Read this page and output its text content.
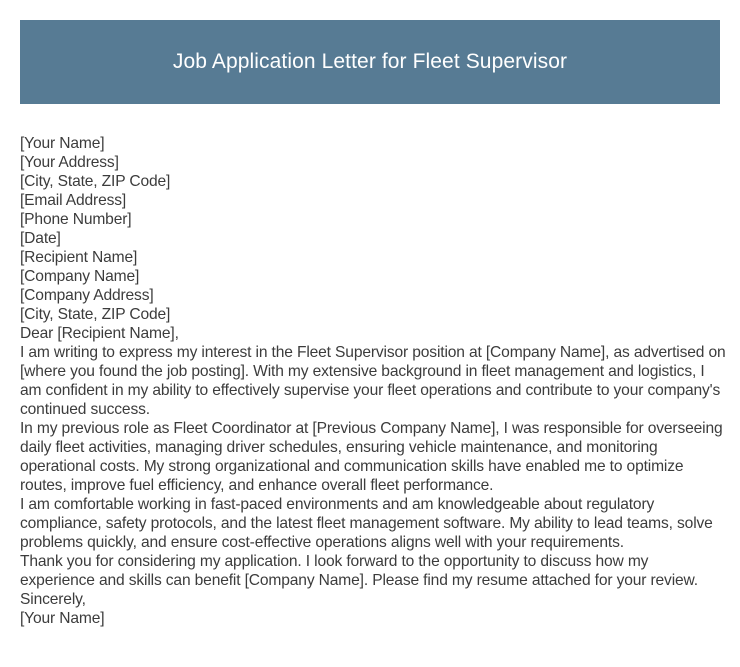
Job Application Letter for Fleet Supervisor

[Your Name]

[Your Address]

[City, State, ZIP Code]

[Email Address]

[Phone Number]

[Date]

[Recipient Name]

[Company Name]

[Company Address]

[City, State, ZIP Code]

Dear [Recipient Name],

I am writing to express my interest in the Fleet Supervisor position at [Company Name], as advertised on [where you found the job posting]. With my extensive background in fleet management and logistics, I am confident in my ability to effectively supervise your fleet operations and contribute to your company's continued success.

In my previous role as Fleet Coordinator at [Previous Company Name], I was responsible for overseeing daily fleet activities, managing driver schedules, ensuring vehicle maintenance, and monitoring operational costs. My strong organizational and communication skills have enabled me to optimize routes, improve fuel efficiency, and enhance overall fleet performance.

I am comfortable working in fast-paced environments and am knowledgeable about regulatory compliance, safety protocols, and the latest fleet management software. My ability to lead teams, solve problems quickly, and ensure cost-effective operations aligns well with your requirements.

Thank you for considering my application. I look forward to the opportunity to discuss how my experience and skills can benefit [Company Name]. Please find my resume attached for your review.

Sincerely,

[Your Name]
